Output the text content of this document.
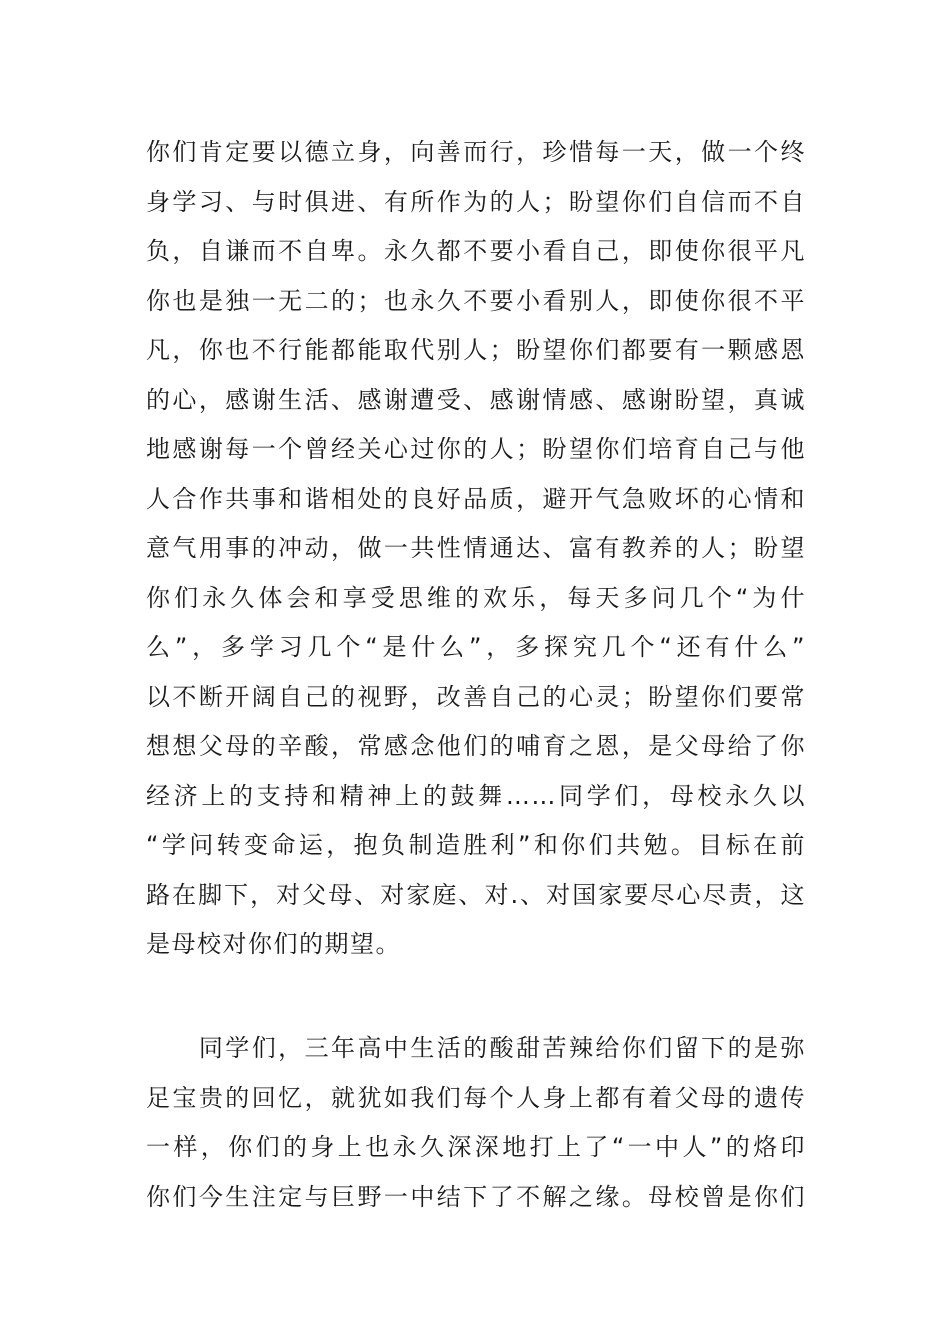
你们肯定要以德立身，向善而行，珍惜每一天，做一个终
身学习、与时俱进、有所作为的人；盼望你们自信而不自
负，自谦而不自卑。永久都不要小看自己，即使你很平凡
你也是独一无二的；也永久不要小看别人，即使你很不平
凡，你也不行能都能取代别人；盼望你们都要有一颗感恩
的心，感谢生活、感谢遭受、感谢情感、感谢盼望，真诚
地感谢每一个曾经关心过你的人；盼望你们培育自己与他
人合作共事和谐相处的良好品质，避开气急败坏的心情和
意气用事的冲动，做一共性情通达、富有教养的人；盼望
你们永久体会和享受思维的欢乐，每天多问几个“为什
么”，多学习几个“是什么”，多探究几个“还有什么”
以不断开阔自己的视野，改善自己的心灵；盼望你们要常
想想父母的辛酸，常感念他们的哺育之恩，是父母给了你
经济上的支持和精神上的鼓舞……同学们，母校永久以
“学问转变命运，抱负制造胜利”和你们共勉。目标在前
路在脚下，对父母、对家庭、对.、对国家要尽心尽责，这
是母校对你们的期望。
　　同学们，三年高中生活的酸甜苦辣给你们留下的是弥
足宝贵的回忆，就犹如我们每个人身上都有着父母的遗传
一样，你们的身上也永久深深地打上了“一中人”的烙印
你们今生注定与巨野一中结下了不解之缘。母校曾是你们
